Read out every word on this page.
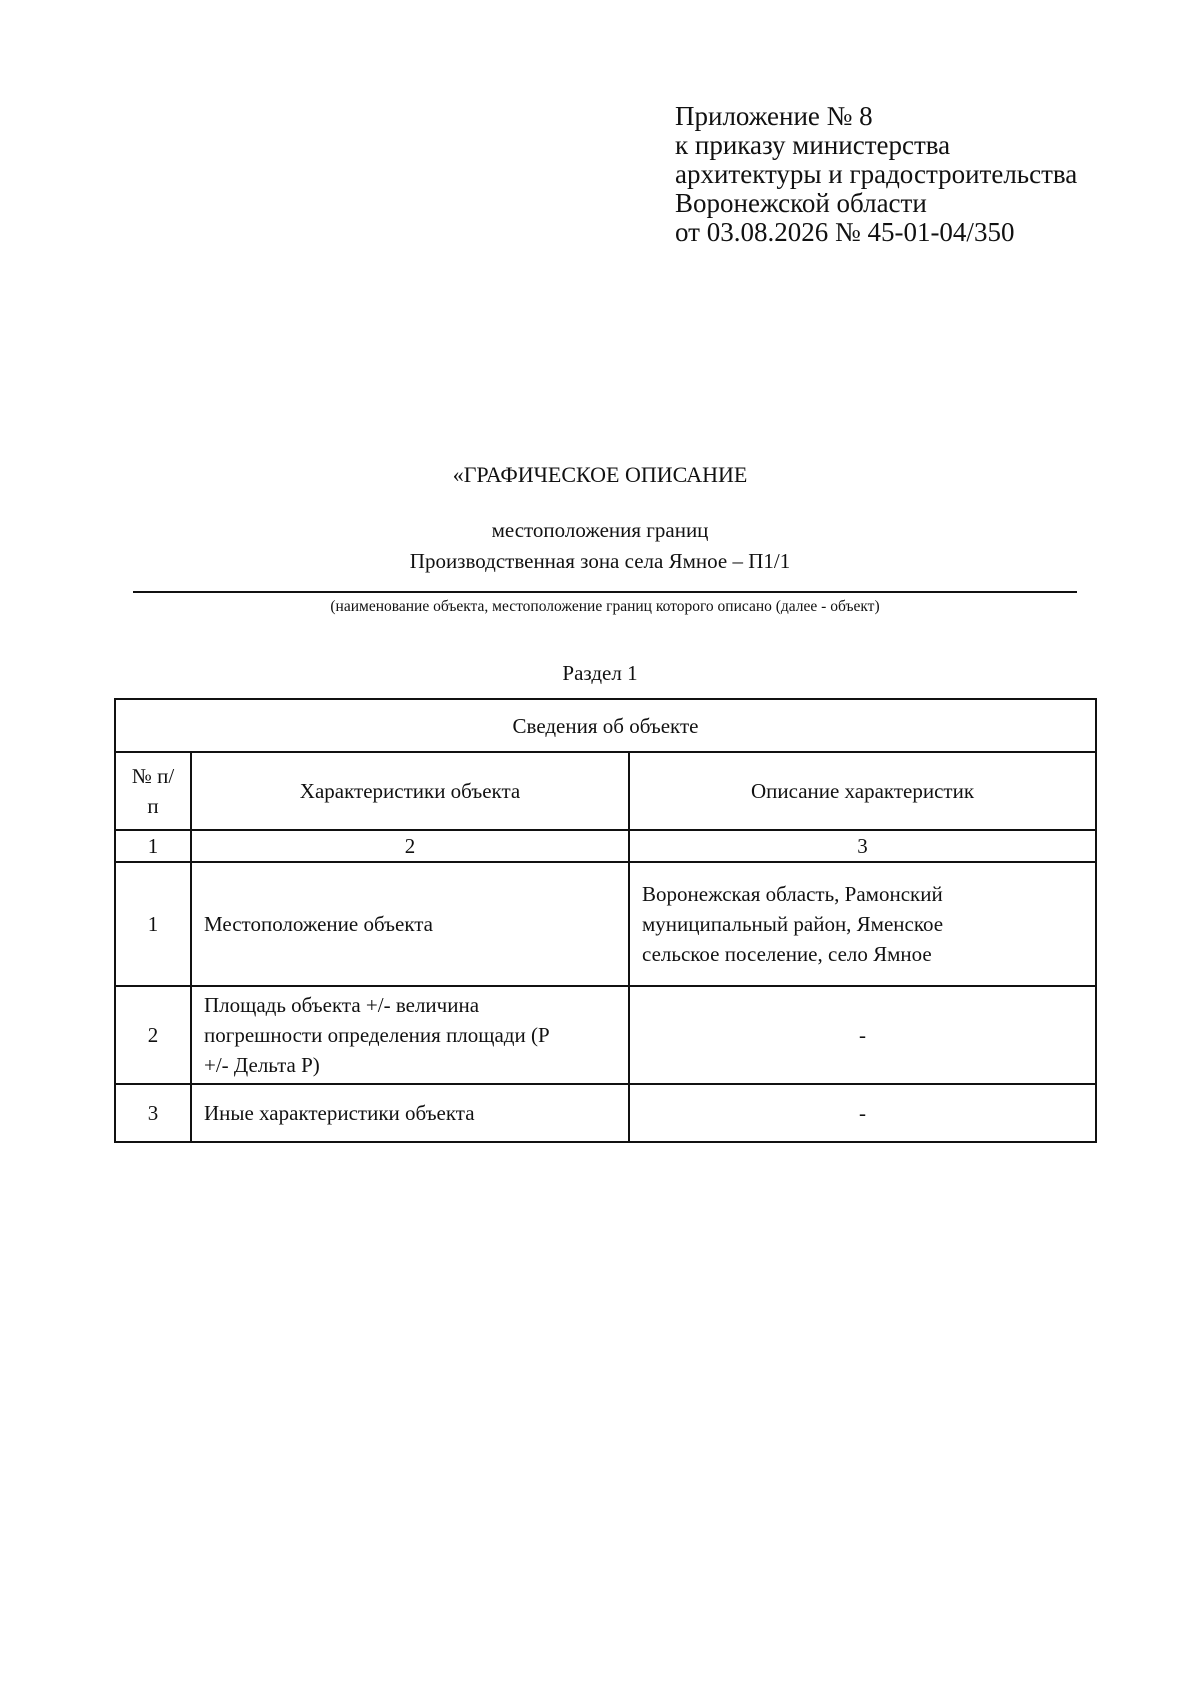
Приложение № 8
к приказу министерства
архитектуры и градостроительства
Воронежской области
от 03.08.2026 № 45-01-04/350
«ГРАФИЧЕСКОЕ ОПИСАНИЕ
местоположения границ
Производственная зона села Ямное – П1/1
(наименование объекта, местоположение границ которого описано (далее - объект)
Раздел 1
Сведения об объекте		
№ п/п	Характеристики объекта	Описание характеристик
1	2	3
1	Местоположение объекта	Воронежская область, Рамонский
муниципальный район, Яменское
сельское поселение, село Ямное

2	Площадь объекта +/- величина
погрешности определения площади (P
+/- Дельта P)	-
3	Иные характеристики объекта	-
